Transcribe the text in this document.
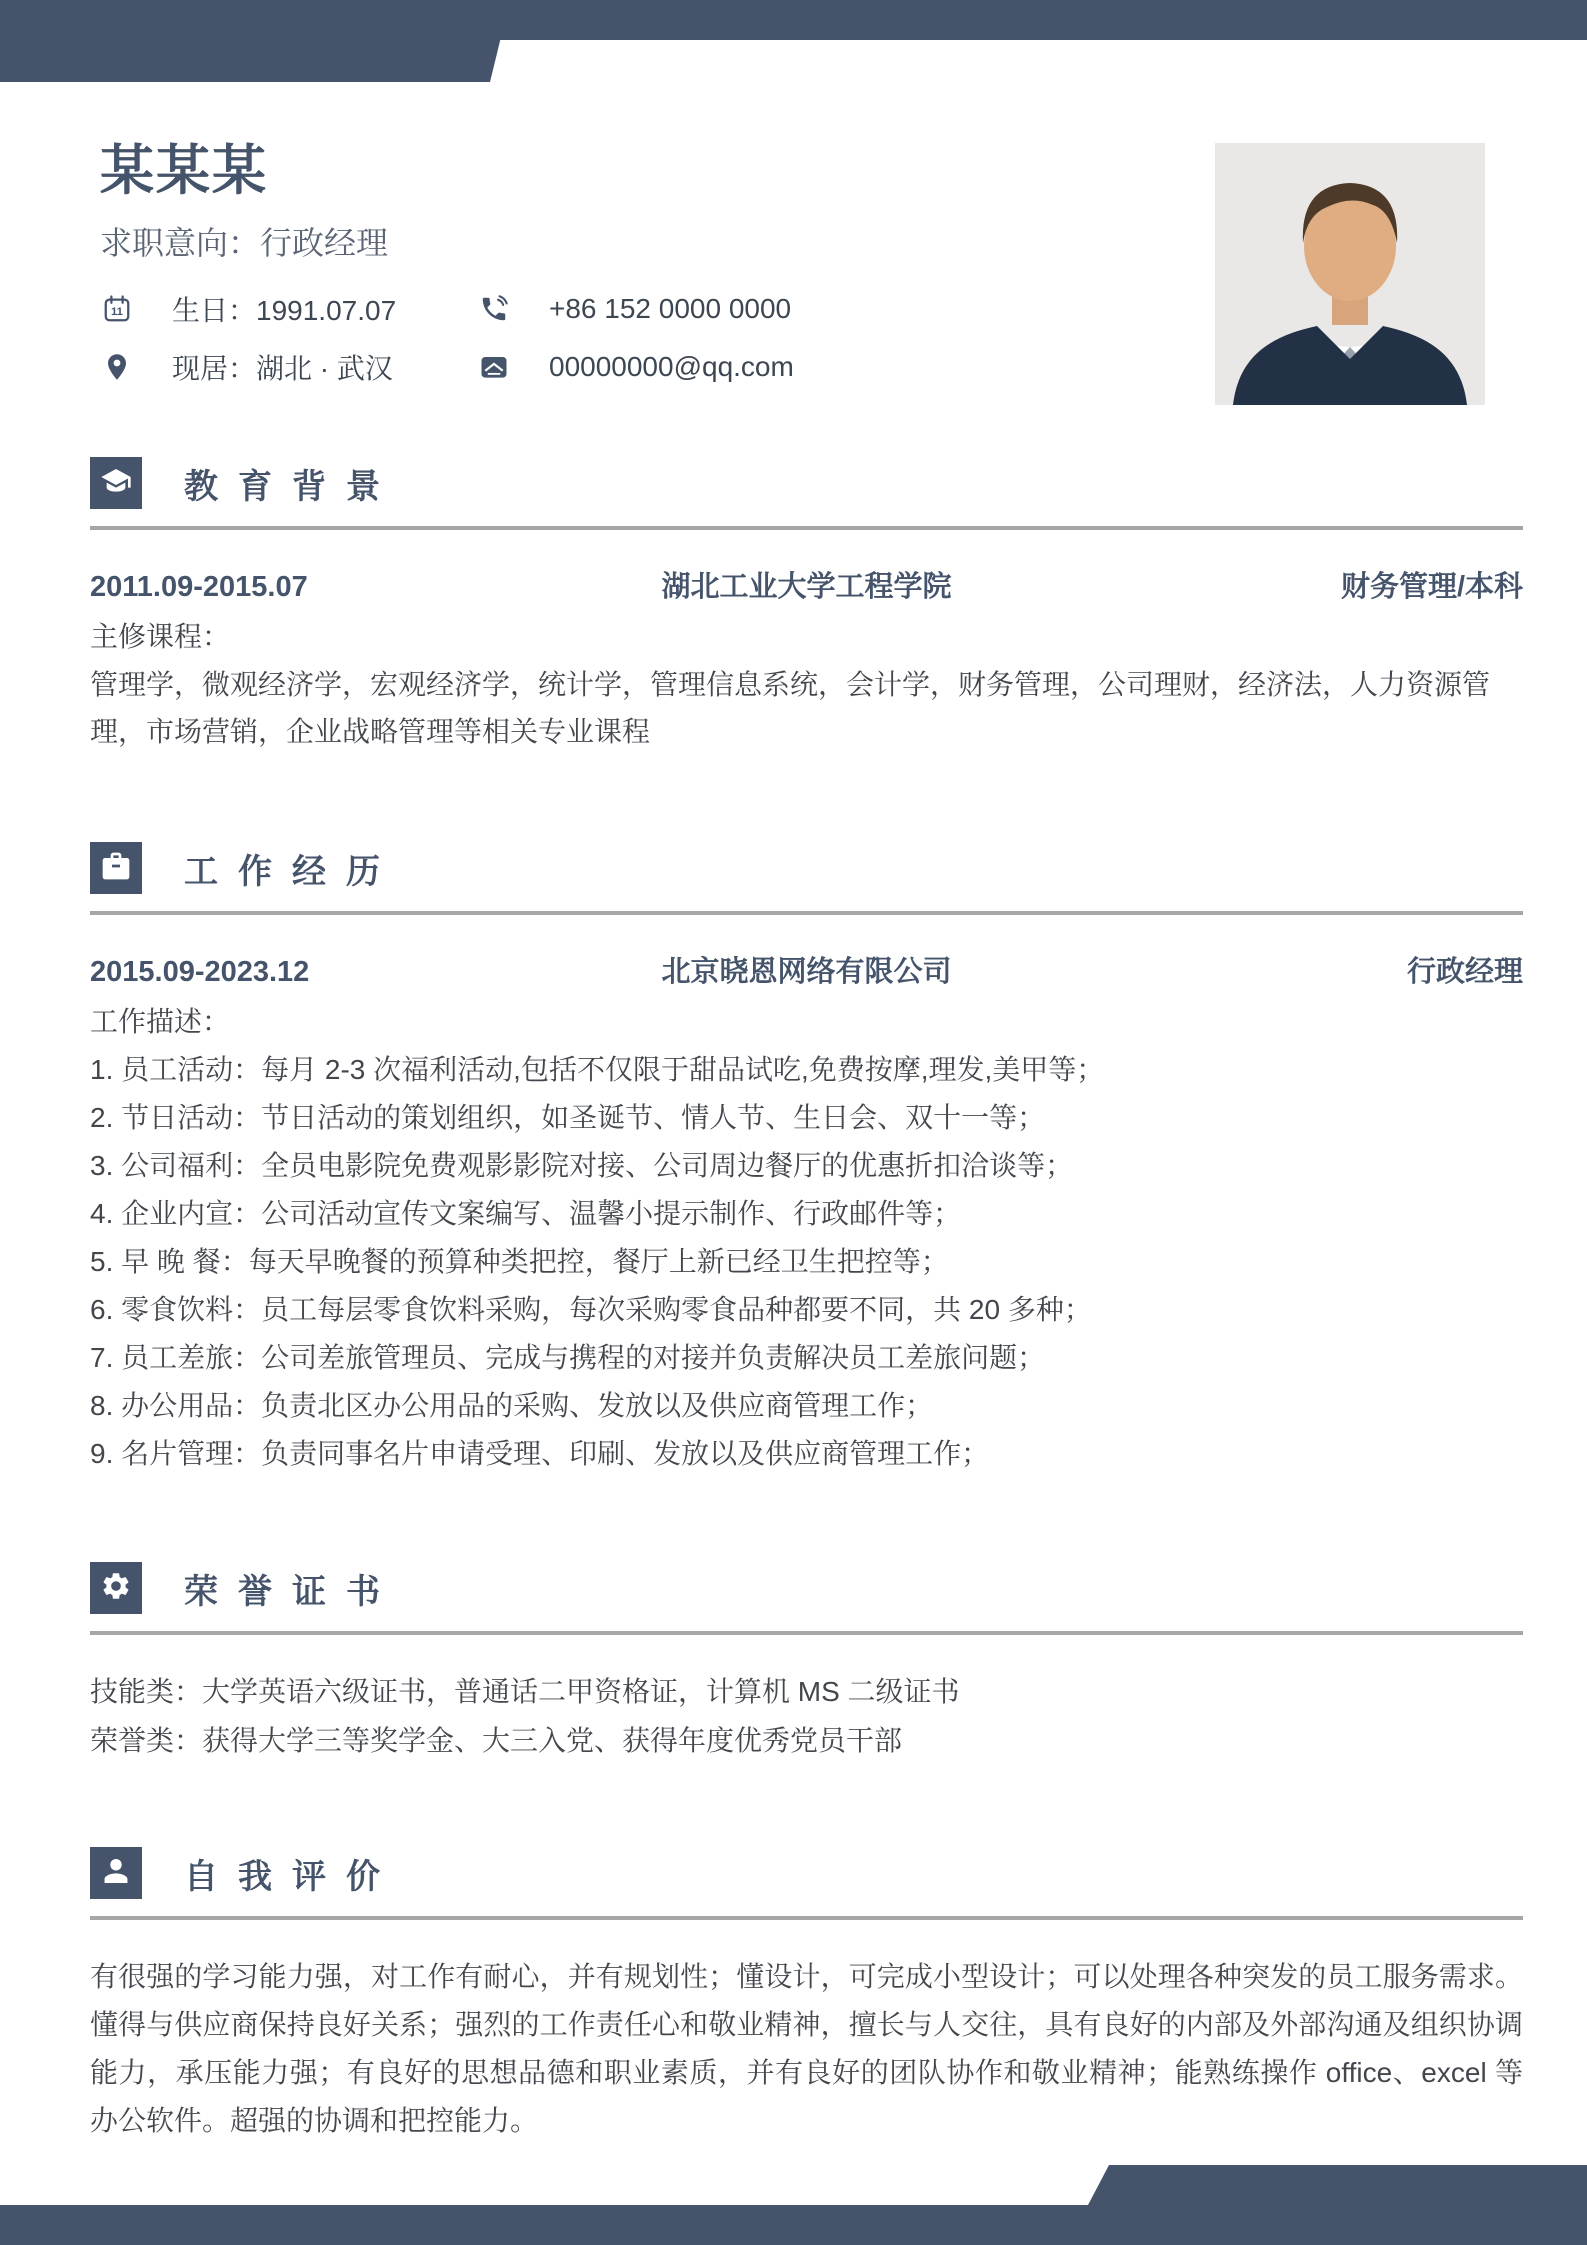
某某某
求职意向：行政经理
11 生日：1991.07.07	+86 152 0000 0000
现居：湖北 · 武汉	00000000@qq.com
教育背景
2011.09-2015.07	湖北工业大学工程学院	财务管理/本科
主修课程：
管理学，微观经济学，宏观经济学，统计学，管理信息系统，会计学，财务管理，公司理财，经济法，人力资源管理，市场营销，企业战略管理等相关专业课程
工作经历
2015.09-2023.12	北京晓恩网络有限公司	行政经理
工作描述：
1. 员工活动：每月 2-3 次福利活动,包括不仅限于甜品试吃,免费按摩,理发,美甲等；
2. 节日活动：节日活动的策划组织，如圣诞节、情人节、生日会、双十一等；
3. 公司福利：全员电影院免费观影影院对接、公司周边餐厅的优惠折扣洽谈等；
4. 企业内宣：公司活动宣传文案编写、温馨小提示制作、行政邮件等；
5. 早 晚 餐：每天早晚餐的预算种类把控，餐厅上新已经卫生把控等；
6. 零食饮料：员工每层零食饮料采购，每次采购零食品种都要不同，共 20 多种；
7. 员工差旅：公司差旅管理员、完成与携程的对接并负责解决员工差旅问题；
8. 办公用品：负责北区办公用品的采购、发放以及供应商管理工作；
9. 名片管理：负责同事名片申请受理、印刷、发放以及供应商管理工作；
荣誉证书
技能类：大学英语六级证书，普通话二甲资格证，计算机 MS 二级证书
荣誉类：获得大学三等奖学金、大三入党、获得年度优秀党员干部
自我评价
有很强的学习能力强，对工作有耐心，并有规划性；懂设计，可完成小型设计；可以处理各种突发的员工服务需求。懂得与供应商保持良好关系；强烈的工作责任心和敬业精神，擅长与人交往，具有良好的内部及外部沟通及组织协调能力，承压能力强；有良好的思想品德和职业素质，并有良好的团队协作和敬业精神；能熟练操作 office、excel 等办公软件。超强的协调和把控能力。
